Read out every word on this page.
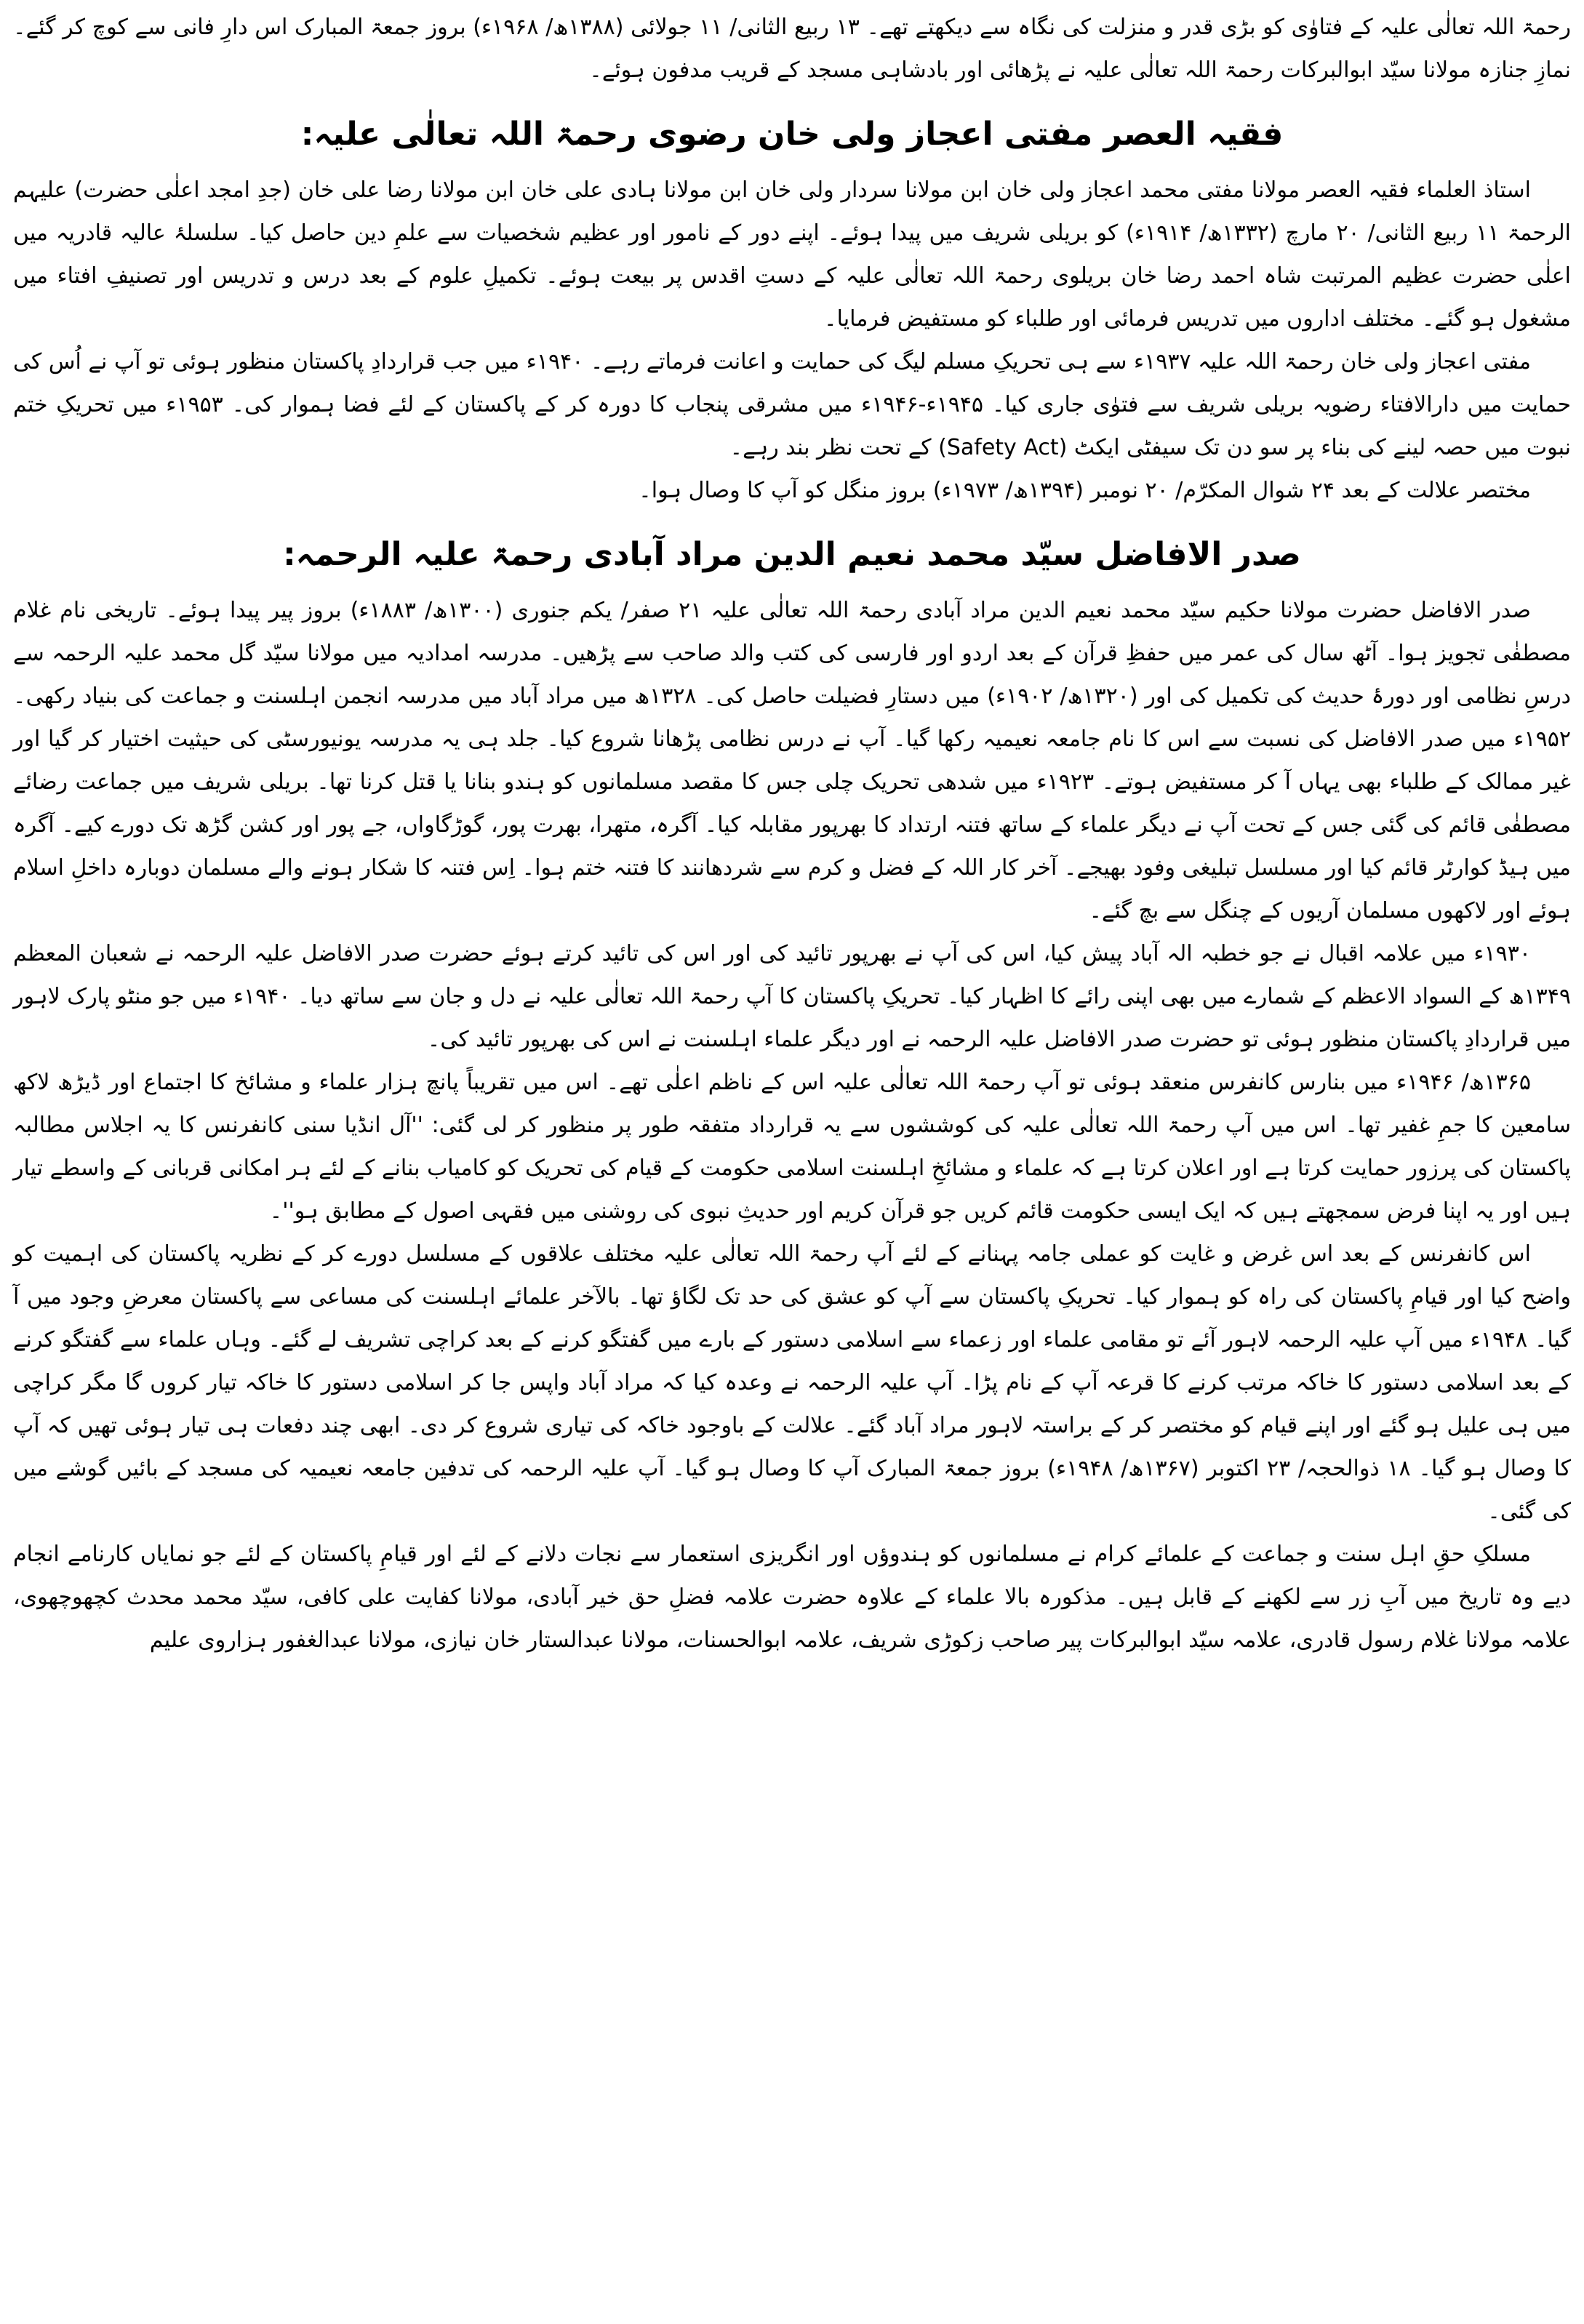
رحمۃ اللہ تعالٰی علیہ کے فتاوٰی کو بڑی قدر و منزلت کی نگاہ سے دیکھتے تھے۔ ۱۳ ربیع الثانی/ ۱۱ جولائی (۱۳۸۸ھ/ ۱۹۶۸ء) بروز جمعۃ المبارک اس دارِ فانی سے کوچ کر گئے۔ نمازِ جنازہ مولانا سیّد ابوالبرکات رحمۃ اللہ تعالٰی علیہ نے پڑھائی اور بادشاہی مسجد کے قریب مدفون ہوئے۔

فقیہ العصر مفتی اعجاز ولی خان رضوی رحمۃ اللہ تعالٰی علیہ:

استاذ العلماء فقیہ العصر مولانا مفتی محمد اعجاز ولی خان ابن مولانا سردار ولی خان ابن مولانا ہادی علی خان ابن مولانا رضا علی خان (جدِ امجد اعلٰی حضرت) علیہم الرحمۃ ۱۱ ربیع الثانی/ ۲۰ مارچ (۱۳۳۲ھ/ ۱۹۱۴ء) کو بریلی شریف میں پیدا ہوئے۔ اپنے دور کے نامور اور عظیم شخصیات سے علمِ دین حاصل کیا۔ سلسلۂ عالیہ قادریہ میں اعلٰی حضرت عظیم المرتبت شاہ احمد رضا خان بریلوی رحمۃ اللہ تعالٰی علیہ کے دستِ اقدس پر بیعت ہوئے۔ تکمیلِ علوم کے بعد درس و تدریس اور تصنیفِ افتاء میں مشغول ہو گئے۔ مختلف اداروں میں تدریس فرمائی اور طلباء کو مستفیض فرمایا۔

مفتی اعجاز ولی خان رحمۃ اللہ علیہ ۱۹۳۷ء سے ہی تحریکِ مسلم لیگ کی حمایت و اعانت فرماتے رہے۔ ۱۹۴۰ء میں جب قراردادِ پاکستان منظور ہوئی تو آپ نے اُس کی حمایت میں دارالافتاء رضویہ بریلی شریف سے فتوٰی جاری کیا۔ ۱۹۴۵ء-۱۹۴۶ء میں مشرقی پنجاب کا دورہ کر کے پاکستان کے لئے فضا ہموار کی۔ ۱۹۵۳ء میں تحریکِ ختم نبوت میں حصہ لینے کی بناء پر سو دن تک سیفٹی ایکٹ (Safety Act) کے تحت نظر بند رہے۔

مختصر علالت کے بعد ۲۴ شوال المکرّم/ ۲۰ نومبر (۱۳۹۴ھ/ ۱۹۷۳ء) بروز منگل کو آپ کا وصال ہوا۔

صدر الافاضل سیّد محمد نعیم الدین مراد آبادی رحمۃ علیہ الرحمہ:

صدر الافاضل حضرت مولانا حکیم سیّد محمد نعیم الدین مراد آبادی رحمۃ اللہ تعالٰی علیہ ۲۱ صفر/ یکم جنوری (۱۳۰۰ھ/ ۱۸۸۳ء) بروز پیر پیدا ہوئے۔ تاریخی نام غلام مصطفٰی تجویز ہوا۔ آٹھ سال کی عمر میں حفظِ قرآن کے بعد اردو اور فارسی کی کتب والد صاحب سے پڑھیں۔ مدرسہ امدادیہ میں مولانا سیّد گل محمد علیہ الرحمہ سے درسِ نظامی اور دورۂ حدیث کی تکمیل کی اور (۱۳۲۰ھ/ ۱۹۰۲ء) میں دستارِ فضیلت حاصل کی۔ ۱۳۲۸ھ میں مراد آباد میں مدرسہ انجمن اہلسنت و جماعت کی بنیاد رکھی۔ ۱۹۵۲ء میں صدر الافاضل کی نسبت سے اس کا نام جامعہ نعیمیہ رکھا گیا۔ آپ نے درس نظامی پڑھانا شروع کیا۔ جلد ہی یہ مدرسہ یونیورسٹی کی حیثیت اختیار کر گیا اور غیر ممالک کے طلباء بھی یہاں آ کر مستفیض ہوتے۔ ۱۹۲۳ء میں شدھی تحریک چلی جس کا مقصد مسلمانوں کو ہندو بنانا یا قتل کرنا تھا۔ بریلی شریف میں جماعت رضائے مصطفٰی قائم کی گئی جس کے تحت آپ نے دیگر علماء کے ساتھ فتنہ ارتداد کا بھرپور مقابلہ کیا۔ آگرہ، متھرا، بھرت پور، گوڑگاواں، جے پور اور کشن گڑھ تک دورے کیے۔ آگرہ میں ہیڈ کوارٹر قائم کیا اور مسلسل تبلیغی وفود بھیجے۔ آخر کار اللہ کے فضل و کرم سے شردھانند کا فتنہ ختم ہوا۔ اِس فتنہ کا شکار ہونے والے مسلمان دوبارہ داخلِ اسلام ہوئے اور لاکھوں مسلمان آریوں کے چنگل سے بچ گئے۔

۱۹۳۰ء میں علامہ اقبال نے جو خطبہ الہ آباد پیش کیا، اس کی آپ نے بھرپور تائید کی اور اس کی تائید کرتے ہوئے حضرت صدر الافاضل علیہ الرحمہ نے شعبان المعظم ۱۳۴۹ھ کے السواد الاعظم کے شمارے میں بھی اپنی رائے کا اظہار کیا۔ تحریکِ پاکستان کا آپ رحمۃ اللہ تعالٰی علیہ نے دل و جان سے ساتھ دیا۔ ۱۹۴۰ء میں جو منٹو پارک لاہور میں قراردادِ پاکستان منظور ہوئی تو حضرت صدر الافاضل علیہ الرحمہ نے اور دیگر علماء اہلسنت نے اس کی بھرپور تائید کی۔

۱۳۶۵ھ/ ۱۹۴۶ء میں بنارس کانفرس منعقد ہوئی تو آپ رحمۃ اللہ تعالٰی علیہ اس کے ناظم اعلٰی تھے۔ اس میں تقریباً پانچ ہزار علماء و مشائخ کا اجتماع اور ڈیڑھ لاکھ سامعین کا جمِ غفیر تھا۔ اس میں آپ رحمۃ اللہ تعالٰی علیہ کی کوششوں سے یہ قرارداد متفقہ طور پر منظور کر لی گئی: ''آل انڈیا سنی کانفرنس کا یہ اجلاس مطالبہ پاکستان کی پرزور حمایت کرتا ہے اور اعلان کرتا ہے کہ علماء و مشائخِ اہلسنت اسلامی حکومت کے قیام کی تحریک کو کامیاب بنانے کے لئے ہر امکانی قربانی کے واسطے تیار ہیں اور یہ اپنا فرض سمجھتے ہیں کہ ایک ایسی حکومت قائم کریں جو قرآن کریم اور حدیثِ نبوی کی روشنی میں فقہی اصول کے مطابق ہو''۔

اس کانفرنس کے بعد اس غرض و غایت کو عملی جامہ پہنانے کے لئے آپ رحمۃ اللہ تعالٰی علیہ مختلف علاقوں کے مسلسل دورے کر کے نظریہ پاکستان کی اہمیت کو واضح کیا اور قیامِ پاکستان کی راہ کو ہموار کیا۔ تحریکِ پاکستان سے آپ کو عشق کی حد تک لگاؤ تھا۔ بالآخر علمائے اہلسنت کی مساعی سے پاکستان معرضِ وجود میں آ گیا۔ ۱۹۴۸ء میں آپ علیہ الرحمہ لاہور آئے تو مقامی علماء اور زعماء سے اسلامی دستور کے بارے میں گفتگو کرنے کے بعد کراچی تشریف لے گئے۔ وہاں علماء سے گفتگو کرنے کے بعد اسلامی دستور کا خاکہ مرتب کرنے کا قرعہ آپ کے نام پڑا۔ آپ علیہ الرحمہ نے وعدہ کیا کہ مراد آباد واپس جا کر اسلامی دستور کا خاکہ تیار کروں گا مگر کراچی میں ہی علیل ہو گئے اور اپنے قیام کو مختصر کر کے براستہ لاہور مراد آباد گئے۔ علالت کے باوجود خاکہ کی تیاری شروع کر دی۔ ابھی چند دفعات ہی تیار ہوئی تھیں کہ آپ کا وصال ہو گیا۔ ۱۸ ذوالحجہ/ ۲۳ اکتوبر (۱۳۶۷ھ/ ۱۹۴۸ء) بروز جمعۃ المبارک آپ کا وصال ہو گیا۔ آپ علیہ الرحمہ کی تدفین جامعہ نعیمیہ کی مسجد کے بائیں گوشے میں کی گئی۔

مسلکِ حقِ اہل سنت و جماعت کے علمائے کرام نے مسلمانوں کو ہندوؤں اور انگریزی استعمار سے نجات دلانے کے لئے اور قیامِ پاکستان کے لئے جو نمایاں کارنامے انجام دیے وہ تاریخ میں آبِ زر سے لکھنے کے قابل ہیں۔ مذکورہ بالا علماء کے علاوہ حضرت علامہ فضلِ حق خیر آبادی، مولانا کفایت علی کافی، سیّد محمد محدث کچھوچھوی، علامہ مولانا غلام رسول قادری، علامہ سیّد ابوالبرکات پیر صاحب زکوڑی شریف، علامہ ابوالحسنات، مولانا عبدالستار خان نیازی، مولانا عبدالغفور ہزاروی علیم
